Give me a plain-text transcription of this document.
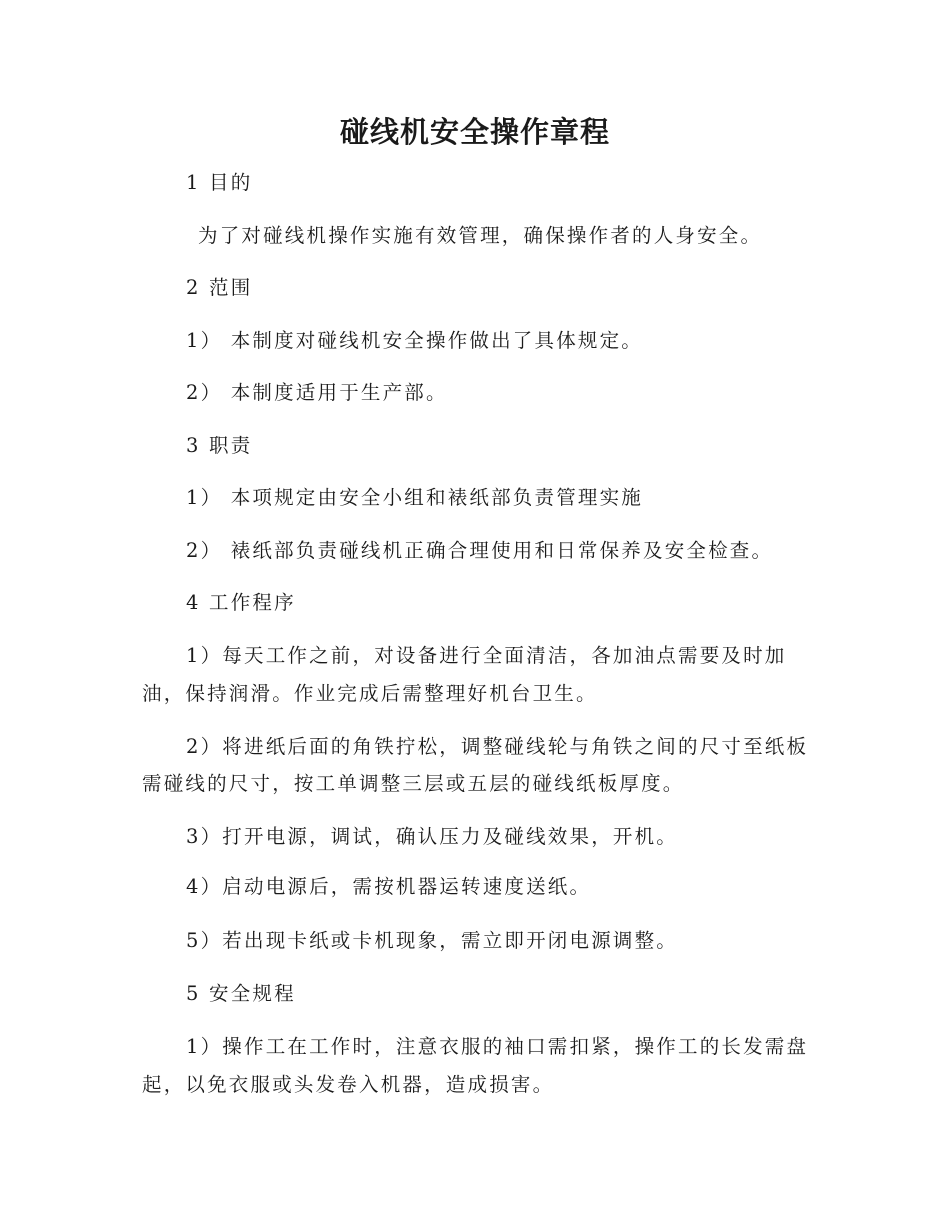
碰线机安全操作章程
1 目的
为了对碰线机操作实施有效管理，确保操作者的人身安全。
2 范围
1） 本制度对碰线机安全操作做出了具体规定。
2） 本制度适用于生产部。
3 职责
1） 本项规定由安全小组和裱纸部负责管理实施
2） 裱纸部负责碰线机正确合理使用和日常保养及安全检查。
4 工作程序
1）每天工作之前，对设备进行全面清洁，各加油点需要及时加
油，保持润滑。作业完成后需整理好机台卫生。
2）将进纸后面的角铁拧松，调整碰线轮与角铁之间的尺寸至纸板
需碰线的尺寸，按工单调整三层或五层的碰线纸板厚度。
3）打开电源，调试，确认压力及碰线效果，开机。
4）启动电源后，需按机器运转速度送纸。
5）若出现卡纸或卡机现象，需立即开闭电源调整。
5 安全规程
1）操作工在工作时，注意衣服的袖口需扣紧，操作工的长发需盘
起，以免衣服或头发卷入机器，造成损害。
